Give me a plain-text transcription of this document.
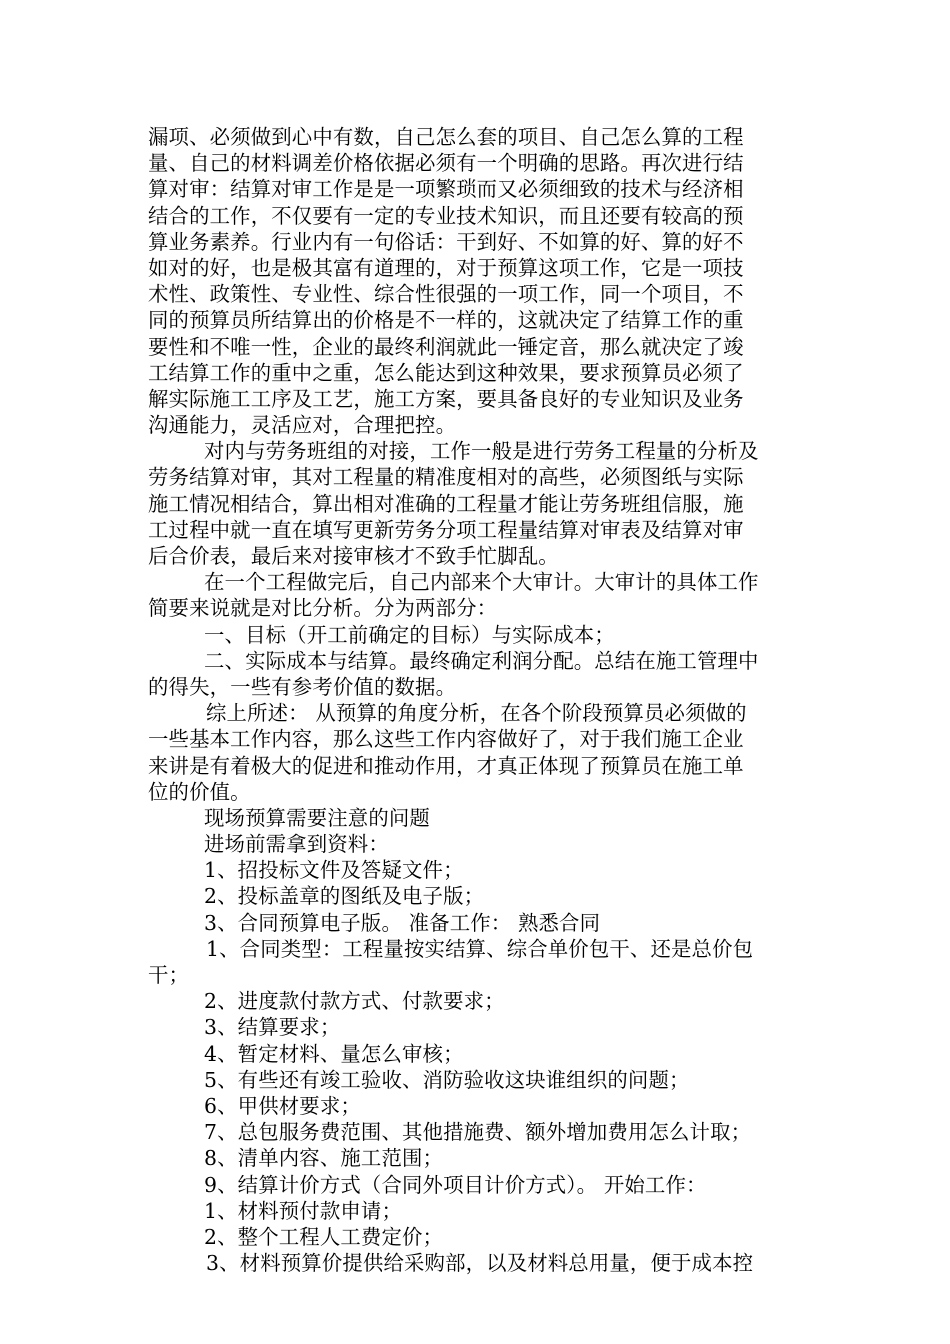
漏项、必须做到心中有数，自己怎么套的项目、自己怎么算的工程
量、自己的材料调差价格依据必须有一个明确的思路。再次进行结
算对审：结算对审工作是是一项繁琐而又必须细致的技术与经济相
结合的工作，不仅要有一定的专业技术知识，而且还要有较高的预
算业务素养。行业内有一句俗话：干到好、不如算的好、算的好不
如对的好，也是极其富有道理的，对于预算这项工作，它是一项技
术性、政策性、专业性、综合性很强的一项工作，同一个项目，不
同的预算员所结算出的价格是不一样的，这就决定了结算工作的重
要性和不唯一性，企业的最终利润就此一锤定音，那么就决定了竣
工结算工作的重中之重，怎么能达到这种效果，要求预算员必须了
解实际施工工序及工艺，施工方案，要具备良好的专业知识及业务
沟通能力，灵活应对，合理把控。
对内与劳务班组的对接，工作一般是进行劳务工程量的分析及
劳务结算对审，其对工程量的精准度相对的高些，必须图纸与实际
施工情况相结合，算出相对准确的工程量才能让劳务班组信服，施
工过程中就一直在填写更新劳务分项工程量结算对审表及结算对审
后合价表，最后来对接审核才不致手忙脚乱。
在一个工程做完后，自己内部来个大审计。大审计的具体工作
简要来说就是对比分析。分为两部分：
一、目标（开工前确定的目标）与实际成本；
二、实际成本与结算。最终确定利润分配。总结在施工管理中
的得失，一些有参考价值的数据。
综上所述： 从预算的角度分析，在各个阶段预算员必须做的
一些基本工作内容，那么这些工作内容做好了，对于我们施工企业
来讲是有着极大的促进和推动作用，才真正体现了预算员在施工单
位的价值。
现场预算需要注意的问题
进场前需拿到资料：
1、招投标文件及答疑文件；
2、投标盖章的图纸及电子版；
3、合同预算电子版。 准备工作： 熟悉合同
1、合同类型：工程量按实结算、综合单价包干、还是总价包
干；
2、进度款付款方式、付款要求；
3、结算要求；
4、暂定材料、量怎么审核；
5、有些还有竣工验收、消防验收这块谁组织的问题；
6、甲供材要求；
7、总包服务费范围、其他措施费、额外增加费用怎么计取；
8、清单内容、施工范围；
9、结算计价方式（合同外项目计价方式）。 开始工作：
1、材料预付款申请；
2、整个工程人工费定价；
3、材料预算价提供给采购部，以及材料总用量，便于成本控
